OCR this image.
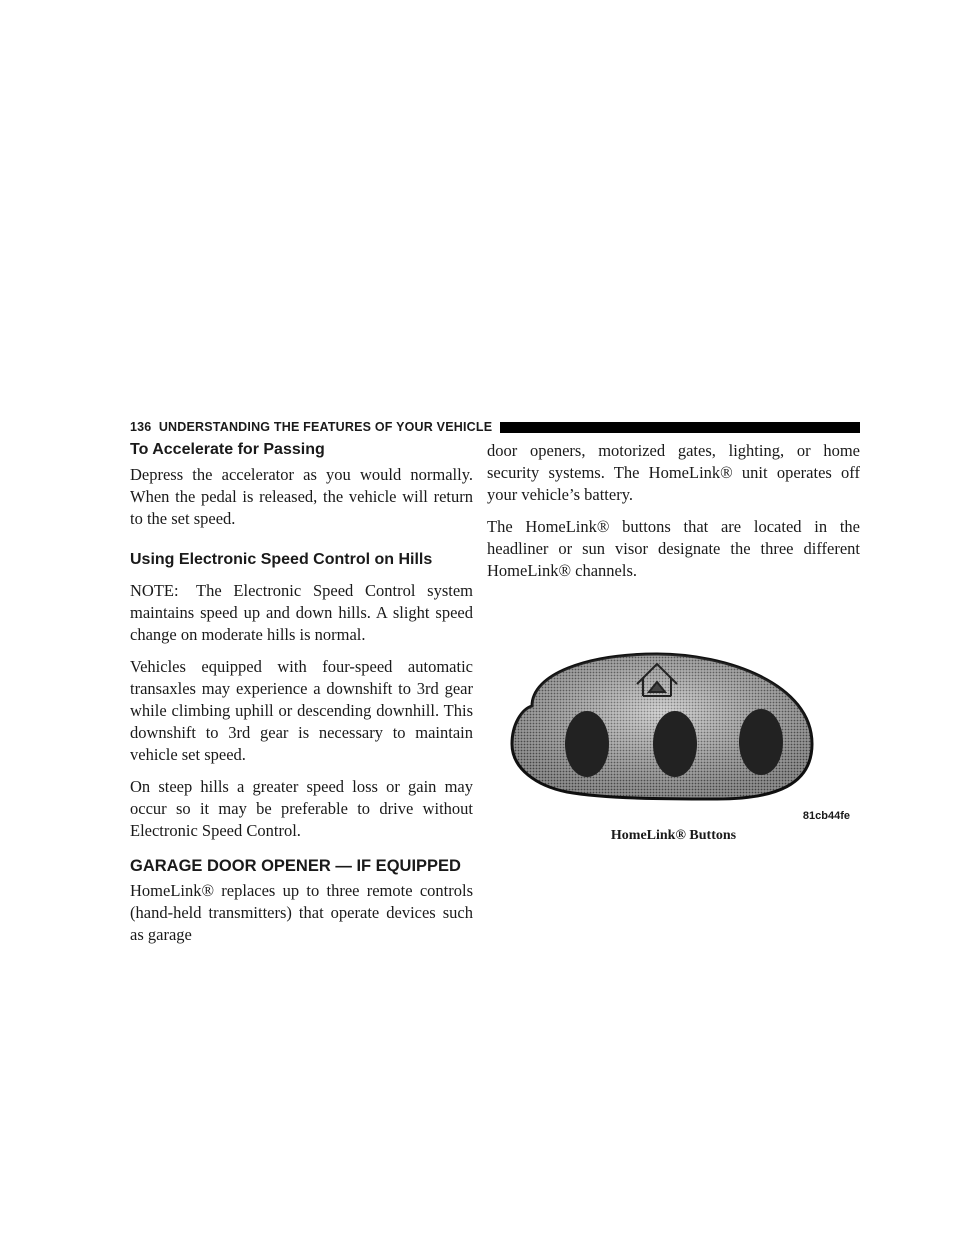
136 UNDERSTANDING THE FEATURES OF YOUR VEHICLE
To Accelerate for Passing

Depress the accelerator as you would normally. When the pedal is released, the vehicle will return to the set speed.

Using Electronic Speed Control on Hills

NOTE: The Electronic Speed Control system maintains speed up and down hills. A slight speed change on moderate hills is normal.

Vehicles equipped with four-speed automatic transaxles may experience a downshift to 3rd gear while climbing uphill or descending downhill. This downshift to 3rd gear is necessary to maintain vehicle set speed.

On steep hills a greater speed loss or gain may occur so it may be preferable to drive without Electronic Speed Control.

GARAGE DOOR OPENER — IF EQUIPPED

HomeLink® replaces up to three remote controls (hand-held transmitters) that operate devices such as garage

door openers, motorized gates, lighting, or home security systems. The HomeLink® unit operates off your vehicle’s battery.

The HomeLink® buttons that are located in the headliner or sun visor designate the three different HomeLink® channels.

81cb44fe
HomeLink® Buttons
